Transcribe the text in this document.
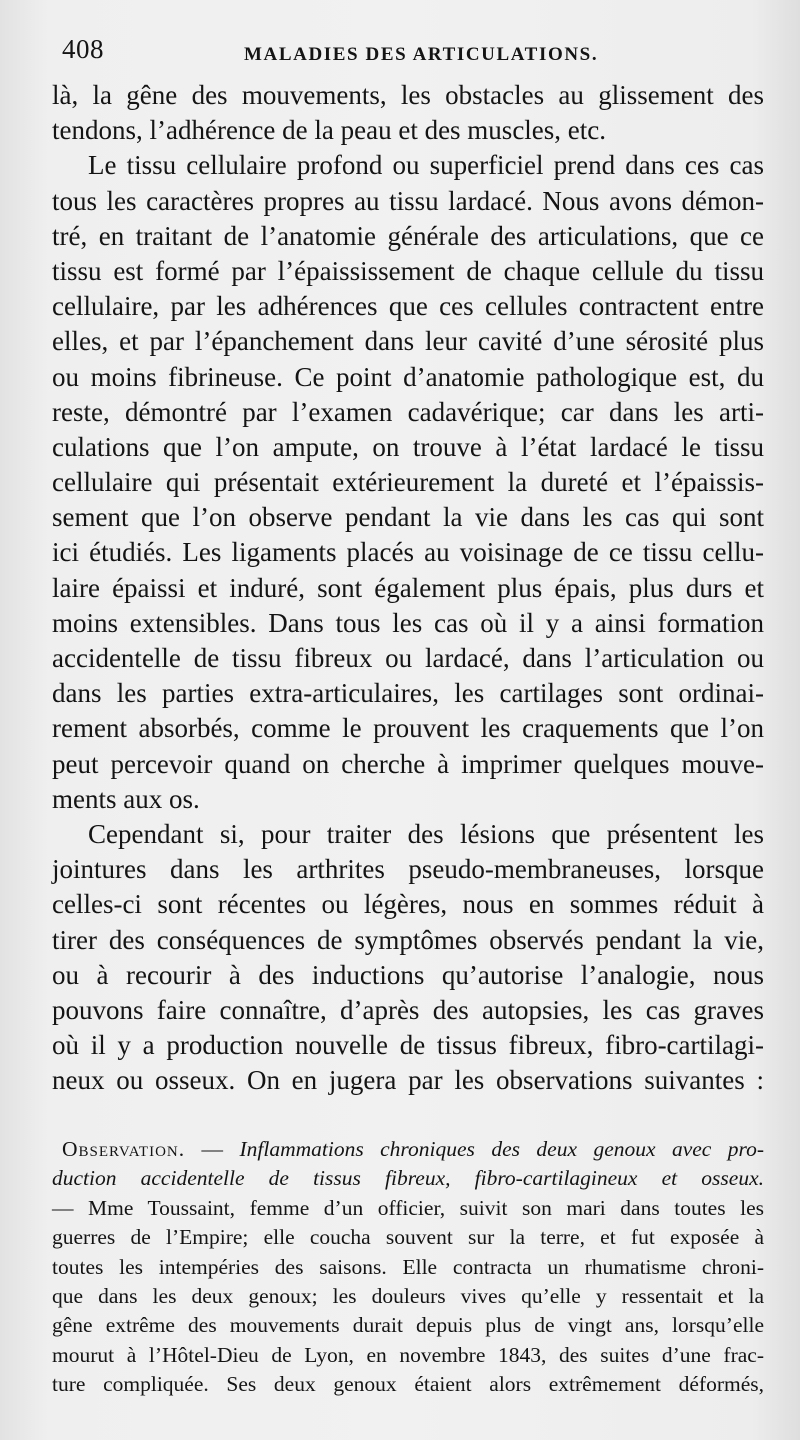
408	MALADIES DES ARTICULATIONS.
là, la gêne des mouvements, les obstacles au glissement des
tendons, l’adhérence de la peau et des muscles, etc.
Le tissu cellulaire profond ou superficiel prend dans ces cas
tous les caractères propres au tissu lardacé. Nous avons démon-
tré, en traitant de l’anatomie générale des articulations, que ce
tissu est formé par l’épaississement de chaque cellule du tissu
cellulaire, par les adhérences que ces cellules contractent entre
elles, et par l’épanchement dans leur cavité d’une sérosité plus
ou moins fibrineuse. Ce point d’anatomie pathologique est, du
reste, démontré par l’examen cadavérique; car dans les arti-
culations que l’on ampute, on trouve à l’état lardacé le tissu
cellulaire qui présentait extérieurement la dureté et l’épaissis-
sement que l’on observe pendant la vie dans les cas qui sont
ici étudiés. Les ligaments placés au voisinage de ce tissu cellu-
laire épaissi et induré, sont également plus épais, plus durs et
moins extensibles. Dans tous les cas où il y a ainsi formation
accidentelle de tissu fibreux ou lardacé, dans l’articulation ou
dans les parties extra-articulaires, les cartilages sont ordinai-
rement absorbés, comme le prouvent les craquements que l’on
peut percevoir quand on cherche à imprimer quelques mouve-
ments aux os.
Cependant si, pour traiter des lésions que présentent les
jointures dans les arthrites pseudo-membraneuses, lorsque
celles-ci sont récentes ou légères, nous en sommes réduit à
tirer des conséquences de symptômes observés pendant la vie,
ou à recourir à des inductions qu’autorise l’analogie, nous
pouvons faire connaître, d’après des autopsies, les cas graves
où il y a production nouvelle de tissus fibreux, fibro-cartilagi-
neux ou osseux. On en jugera par les observations suivantes :
Observation. — Inflammations chroniques des deux genoux avec pro-
duction accidentelle de tissus fibreux, fibro-cartilagineux et osseux.
— Mme Toussaint, femme d’un officier, suivit son mari dans toutes les
guerres de l’Empire; elle coucha souvent sur la terre, et fut exposée à
toutes les intempéries des saisons. Elle contracta un rhumatisme chroni-
que dans les deux genoux; les douleurs vives qu’elle y ressentait et la
gêne extrême des mouvements durait depuis plus de vingt ans, lorsqu’elle
mourut à l’Hôtel-Dieu de Lyon, en novembre 1843, des suites d’une frac-
ture compliquée. Ses deux genoux étaient alors extrêmement déformés,
